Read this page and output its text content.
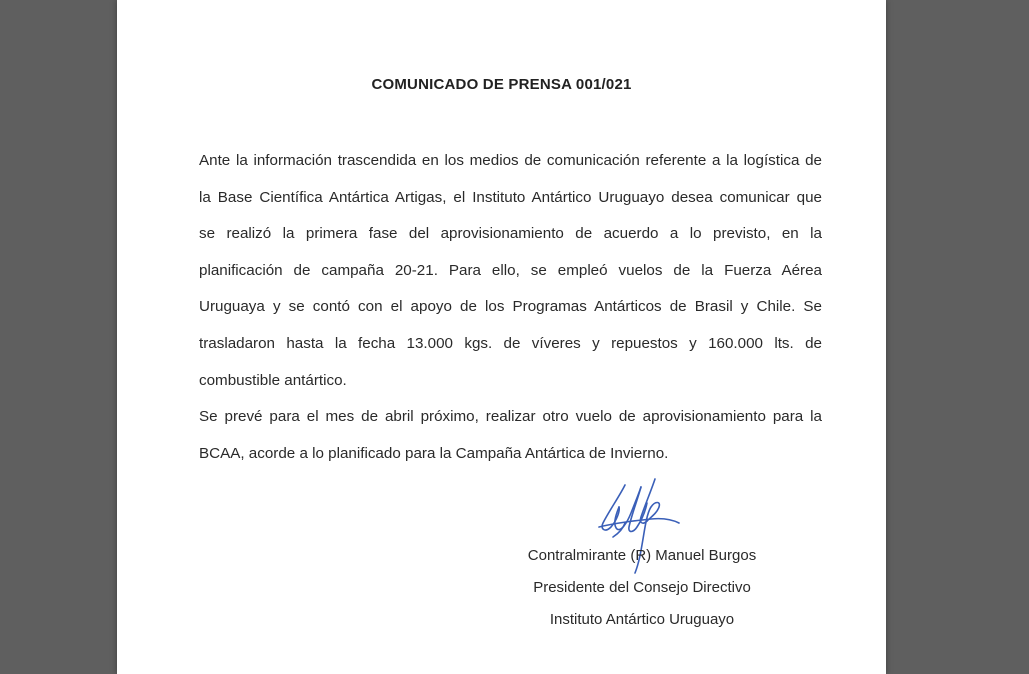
COMUNICADO DE PRENSA 001/021
Ante la información trascendida en los medios de comunicación referente a la logística de
la Base Científica Antártica Artigas, el Instituto Antártico Uruguayo desea comunicar que
se realizó la primera fase del aprovisionamiento de acuerdo a lo previsto, en la
planificación de campaña 20-21. Para ello, se empleó vuelos de la Fuerza Aérea
Uruguaya y se contó con el apoyo de los Programas Antárticos de Brasil y Chile. Se
trasladaron hasta la fecha 13.000 kgs. de víveres y repuestos y 160.000 lts. de
combustible antártico.
Se prevé para el mes de abril próximo, realizar otro vuelo de aprovisionamiento para la
BCAA, acorde a lo planificado para la Campaña Antártica de Invierno.
Contralmirante (R) Manuel Burgos
Presidente del Consejo Directivo
Instituto Antártico Uruguayo
